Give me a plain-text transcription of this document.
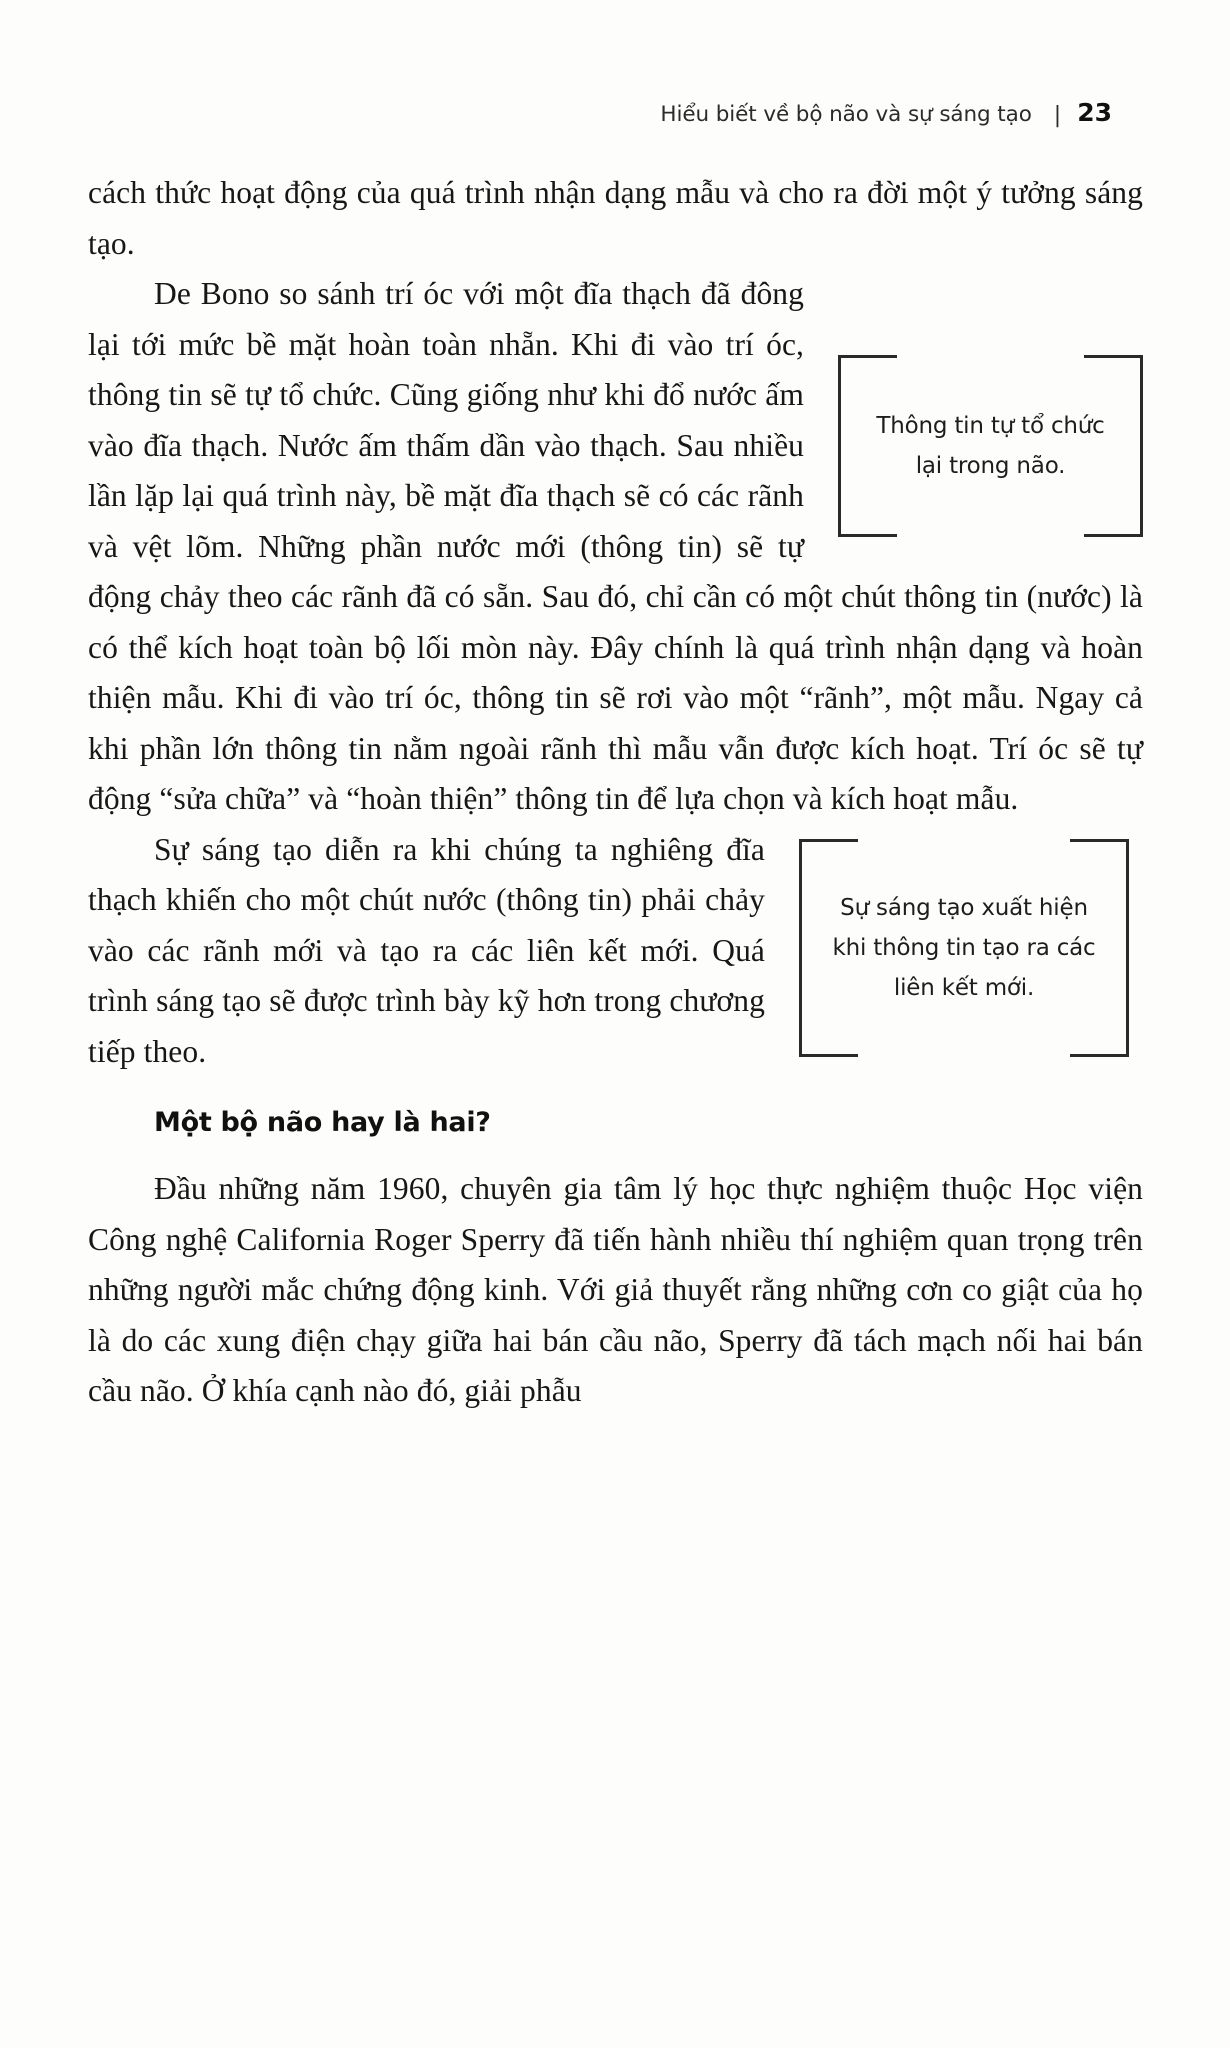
Hiểu biết về bộ não và sự sáng tạo | 23

cách thức hoạt động của quá trình nhận dạng mẫu và cho ra đời một ý tưởng sáng tạo.

Thông tin tự tổ chức lại trong não.

De Bono so sánh trí óc với một đĩa thạch đã đông lại tới mức bề mặt hoàn toàn nhẵn. Khi đi vào trí óc, thông tin sẽ tự tổ chức. Cũng giống như khi đổ nước ấm vào đĩa thạch. Nước ấm thấm dần vào thạch. Sau nhiều lần lặp lại quá trình này, bề mặt đĩa thạch sẽ có các rãnh và vệt lõm. Những phần nước mới (thông tin) sẽ tự động chảy theo các rãnh đã có sẵn. Sau đó, chỉ cần có một chút thông tin (nước) là có thể kích hoạt toàn bộ lối mòn này. Đây chính là quá trình nhận dạng và hoàn thiện mẫu. Khi đi vào trí óc, thông tin sẽ rơi vào một “rãnh”, một mẫu. Ngay cả khi phần lớn thông tin nằm ngoài rãnh thì mẫu vẫn được kích hoạt. Trí óc sẽ tự động “sửa chữa” và “hoàn thiện” thông tin để lựa chọn và kích hoạt mẫu.

Sự sáng tạo xuất hiện khi thông tin tạo ra các liên kết mới.

Sự sáng tạo diễn ra khi chúng ta nghiêng đĩa thạch khiến cho một chút nước (thông tin) phải chảy vào các rãnh mới và tạo ra các liên kết mới. Quá trình sáng tạo sẽ được trình bày kỹ hơn trong chương tiếp theo.

Một bộ não hay là hai?

Đầu những năm 1960, chuyên gia tâm lý học thực nghiệm thuộc Học viện Công nghệ California Roger Sperry đã tiến hành nhiều thí nghiệm quan trọng trên những người mắc chứng động kinh. Với giả thuyết rằng những cơn co giật của họ là do các xung điện chạy giữa hai bán cầu não, Sperry đã tách mạch nối hai bán cầu não. Ở khía cạnh nào đó, giải phẫu
